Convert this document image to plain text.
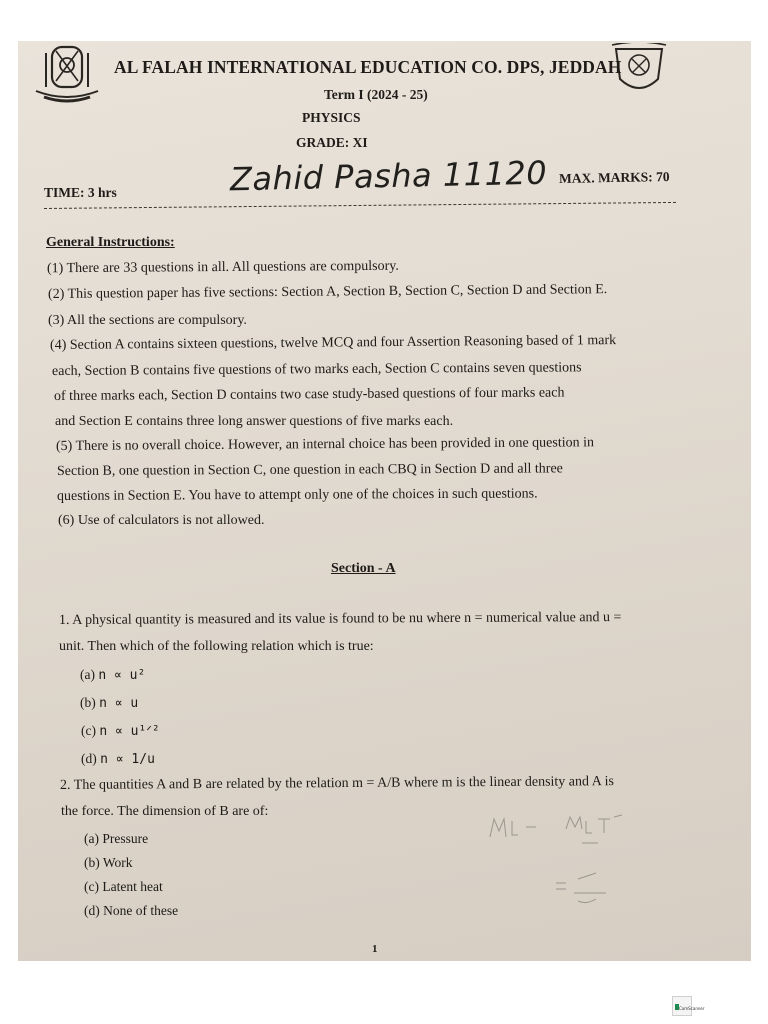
AL FALAH INTERNATIONAL EDUCATION CO. DPS, JEDDAH
Term I (2024 - 25)
PHYSICS
GRADE: XI
TIME: 3 hrs	Zahid Pasha 11120 MAX. MARKS: 70
General Instructions:
(1) There are 33 questions in all. All questions are compulsory.
(2) This question paper has five sections: Section A, Section B, Section C, Section D and Section E.
(3) All the sections are compulsory.
(4) Section A contains sixteen questions, twelve MCQ and four Assertion Reasoning based of 1 mark
each, Section B contains five questions of two marks each, Section C contains seven questions
of three marks each, Section D contains two case study-based questions of four marks each
and Section E contains three long answer questions of five marks each.
(5) There is no overall choice. However, an internal choice has been provided in one question in
Section B, one question in Section C, one question in each CBQ in Section D and all three
questions in Section E. You have to attempt only one of the choices in such questions.
(6) Use of calculators is not allowed.
Section - A
1. A physical quantity is measured and its value is found to be nu where n = numerical value and u =
unit. Then which of the following relation which is true:
(a) n ∝ u²
(b) n ∝ u
(c) n ∝ u¹ᐟ²
(d) n ∝ 1/u
2. The quantities A and B are related by the relation m = A/B where m is the linear density and A is
the force. The dimension of B are of:
(a) Pressure
(b) Work
(c) Latent heat
(d) None of these
1
CamScanner
